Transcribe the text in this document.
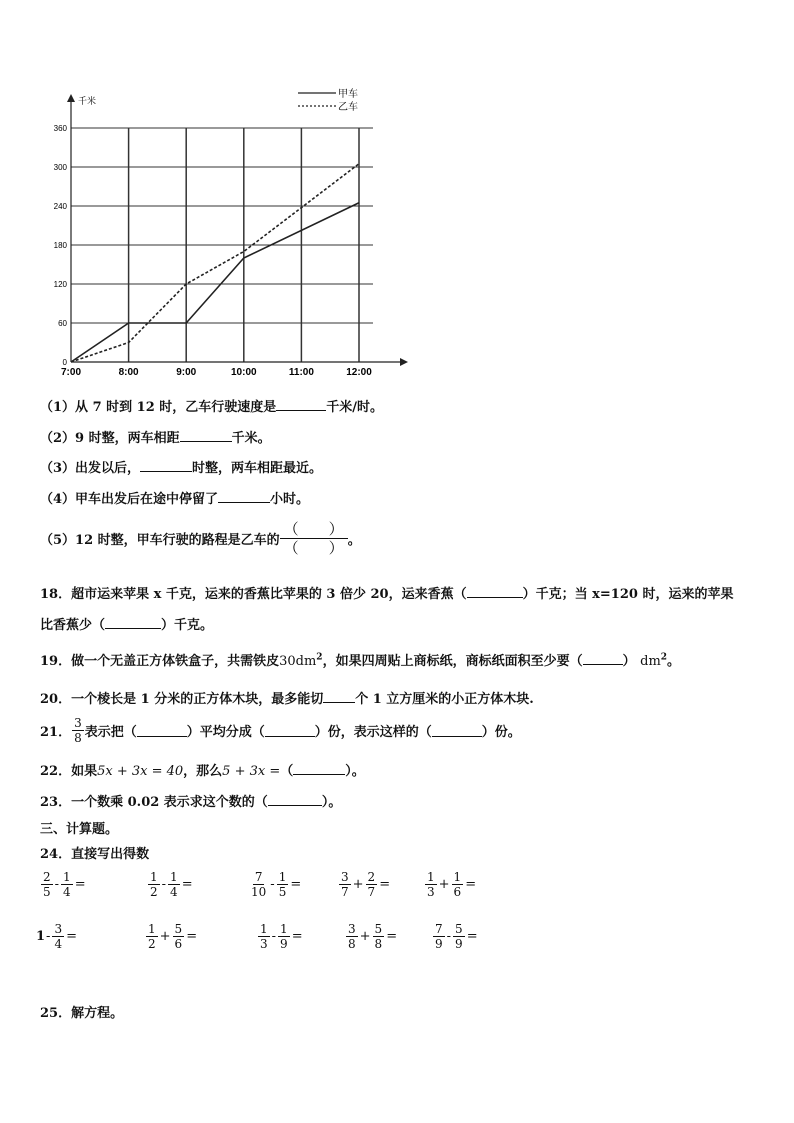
0
60
120
180
240
300
360
7:00	8:00	9:00	10:00	11:00	12:00
千米
甲车
乙车
（1）从 7 时到 12 时，乙车行驶速度是	千米/时。
（2）9 时整，两车相距	千米。
（3）出发以后，	时整，两车相距最近。
（4）甲车出发后在途中停留了	小时。
（5）12 时整，甲车行驶的路程是乙车的 $\frac{( )}{( )}$ 。
18．超市运来苹果 x 千克，运来的香蕉比苹果的 3 倍少 20，运来香蕉（	）千克；当 x=120 时，运来的苹果
比香蕉少（	）千克。
19．做一个无盖正方体铁盒子，共需铁皮$30dm^2$，如果四周贴上商标纸，商标纸面积至少要（	） $dm^2$。
20．一个棱长是 1 分米的正方体木块，最多能切 个 1 立方厘米的小正方体木块.
21． $\frac{3}{8}$ 表示把（	）平均分成（	）份，表示这样的（	）份。
22．如果5x + 3x = 40，那么5 + 3x =（	）。
23．一个数乘 0.02 表示求这个数的（	）。
三、计算题。
24．直接写出得数
$\frac{2}{5} - \frac{1}{4}$ =	$\frac{1}{2} - \frac{1}{4}$ =	$\frac{7}{10} - \frac{1}{5}$ =	$\frac{3}{7} + \frac{2}{7}$ =	$\frac{1}{3} + \frac{1}{6}$ =
$1 - \frac{3}{4}$ =	$\frac{1}{2} + \frac{5}{6}$ =	$\frac{1}{3} - \frac{1}{9}$ =	$\frac{3}{8} + \frac{5}{8}$ =	$\frac{7}{9} - \frac{5}{9}$ =
25．解方程。
